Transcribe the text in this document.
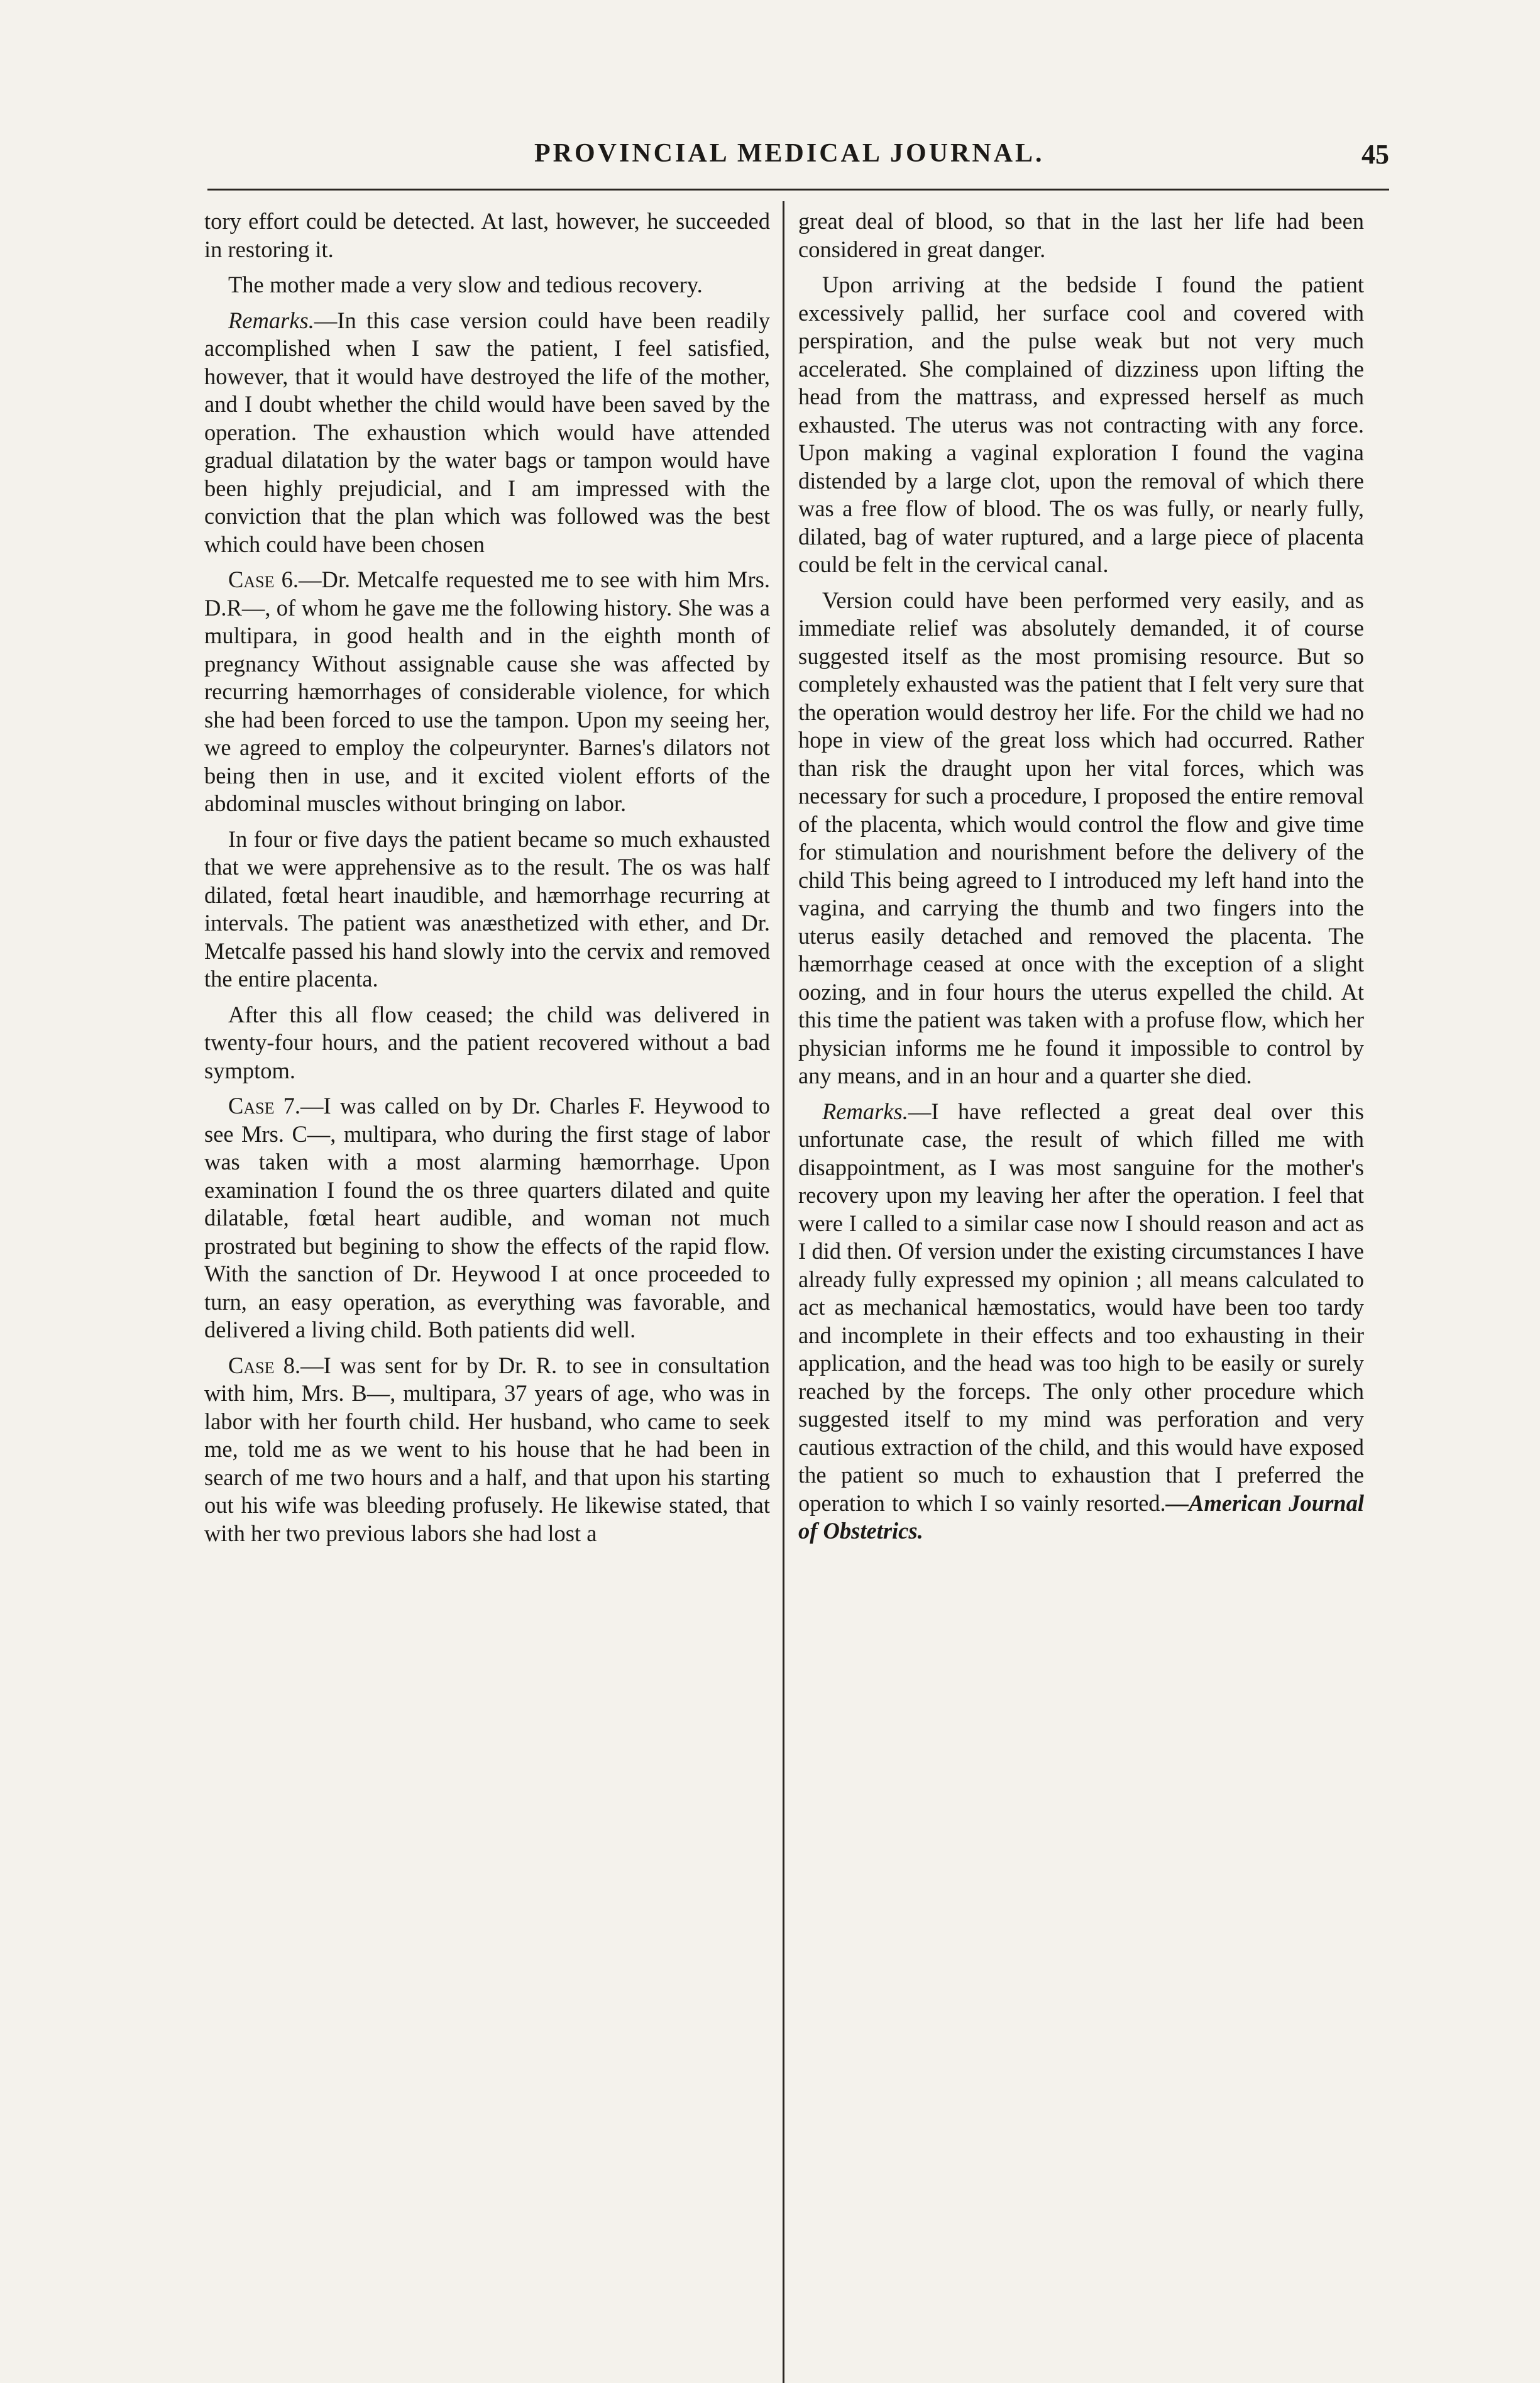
PROVINCIAL MEDICAL JOURNAL.	45

tory effort could be detected. At last, however, he succeeded in restoring it.

The mother made a very slow and tedious recovery.

Remarks.—In this case version could have been readily accomplished when I saw the patient, I feel satisfied, however, that it would have destroyed the life of the mother, and I doubt whether the child would have been saved by the operation. The exhaustion which would have attended gradual dilatation by the water bags or tampon would have been highly prejudicial, and I am impressed with the conviction that the plan which was followed was the best which could have been chosen

Case 6.—Dr. Metcalfe requested me to see with him Mrs. D.R—, of whom he gave me the following history. She was a multipara, in good health and in the eighth month of pregnancy Without assignable cause she was affected by recurring hæmorrhages of considerable violence, for which she had been forced to use the tampon. Upon my seeing her, we agreed to employ the colpeurynter. Barnes's dilators not being then in use, and it excited violent efforts of the abdominal muscles without bringing on labor.

In four or five days the patient became so much exhausted that we were apprehensive as to the result. The os was half dilated, fœtal heart inaudible, and hæmorrhage recurring at intervals. The patient was anæsthetized with ether, and Dr. Metcalfe passed his hand slowly into the cervix and removed the entire placenta.

After this all flow ceased; the child was delivered in twenty-four hours, and the patient recovered without a bad symptom.

Case 7.—I was called on by Dr. Charles F. Heywood to see Mrs. C—, multipara, who during the first stage of labor was taken with a most alarming hæmorrhage. Upon examination I found the os three quarters dilated and quite dilatable, fœtal heart audible, and woman not much prostrated but begining to show the effects of the rapid flow. With the sanction of Dr. Heywood I at once proceeded to turn, an easy operation, as everything was favorable, and delivered a living child. Both patients did well.

Case 8.—I was sent for by Dr. R. to see in consultation with him, Mrs. B—, multipara, 37 years of age, who was in labor with her fourth child. Her husband, who came to seek me, told me as we went to his house that he had been in search of me two hours and a half, and that upon his starting out his wife was bleeding profusely. He likewise stated, that with her two previous labors she had lost a

great deal of blood, so that in the last her life had been considered in great danger.

Upon arriving at the bedside I found the patient excessively pallid, her surface cool and covered with perspiration, and the pulse weak but not very much accelerated. She complained of dizziness upon lifting the head from the mattrass, and expressed herself as much exhausted. The uterus was not contracting with any force. Upon making a vaginal exploration I found the vagina distended by a large clot, upon the removal of which there was a free flow of blood. The os was fully, or nearly fully, dilated, bag of water ruptured, and a large piece of placenta could be felt in the cervical canal.

Version could have been performed very easily, and as immediate relief was absolutely demanded, it of course suggested itself as the most promising resource. But so completely exhausted was the patient that I felt very sure that the operation would destroy her life. For the child we had no hope in view of the great loss which had occurred. Rather than risk the draught upon her vital forces, which was necessary for such a procedure, I proposed the entire removal of the placenta, which would control the flow and give time for stimulation and nourishment before the delivery of the child This being agreed to I introduced my left hand into the vagina, and carrying the thumb and two fingers into the uterus easily detached and removed the placenta. The hæmorrhage ceased at once with the exception of a slight oozing, and in four hours the uterus expelled the child. At this time the patient was taken with a profuse flow, which her physician informs me he found it impossible to control by any means, and in an hour and a quarter she died.

Remarks.—I have reflected a great deal over this unfortunate case, the result of which filled me with disappointment, as I was most sanguine for the mother's recovery upon my leaving her after the operation. I feel that were I called to a similar case now I should reason and act as I did then. Of version under the existing circumstances I have already fully expressed my opinion ; all means calculated to act as mechanical hæmostatics, would have been too tardy and incomplete in their effects and too exhausting in their application, and the head was too high to be easily or surely reached by the forceps. The only other procedure which suggested itself to my mind was perforation and very cautious extraction of the child, and this would have exposed the patient so much to exhaustion that I preferred the operation to which I so vainly resorted.—American Journal of Obstetrics.
